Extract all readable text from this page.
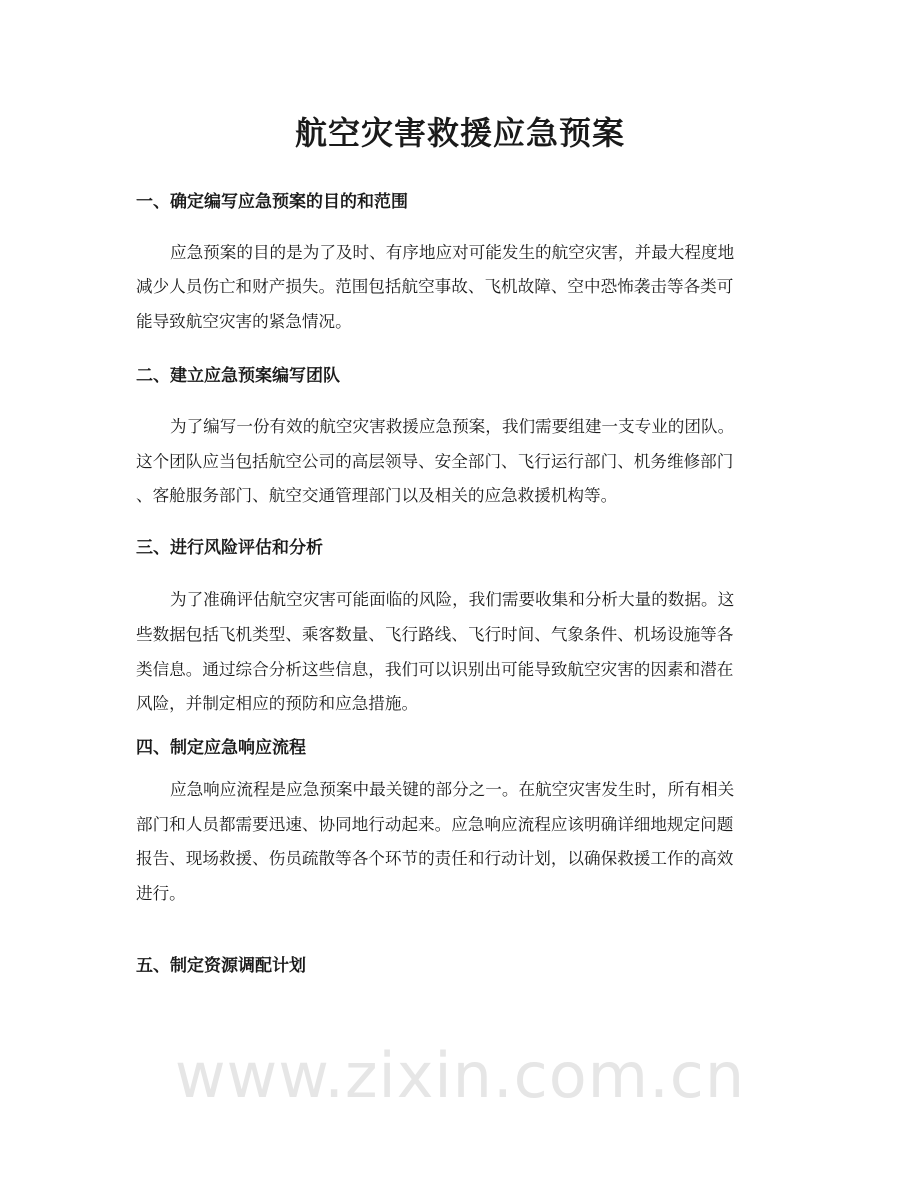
www.zixin.com.cn
航空灾害救援应急预案
一、确定编写应急预案的目的和范围
应急预案的目的是为了及时、有序地应对可能发生的航空灾害，并最大程度地
减少人员伤亡和财产损失。范围包括航空事故、飞机故障、空中恐怖袭击等各类可
能导致航空灾害的紧急情况。
二、建立应急预案编写团队
为了编写一份有效的航空灾害救援应急预案，我们需要组建一支专业的团队。
这个团队应当包括航空公司的高层领导、安全部门、飞行运行部门、机务维修部门
、客舱服务部门、航空交通管理部门以及相关的应急救援机构等。
三、进行风险评估和分析
为了准确评估航空灾害可能面临的风险，我们需要收集和分析大量的数据。这
些数据包括飞机类型、乘客数量、飞行路线、飞行时间、气象条件、机场设施等各
类信息。通过综合分析这些信息，我们可以识别出可能导致航空灾害的因素和潜在
风险，并制定相应的预防和应急措施。
四、制定应急响应流程
应急响应流程是应急预案中最关键的部分之一。在航空灾害发生时，所有相关
部门和人员都需要迅速、协同地行动起来。应急响应流程应该明确详细地规定问题
报告、现场救援、伤员疏散等各个环节的责任和行动计划，以确保救援工作的高效
进行。
五、制定资源调配计划
